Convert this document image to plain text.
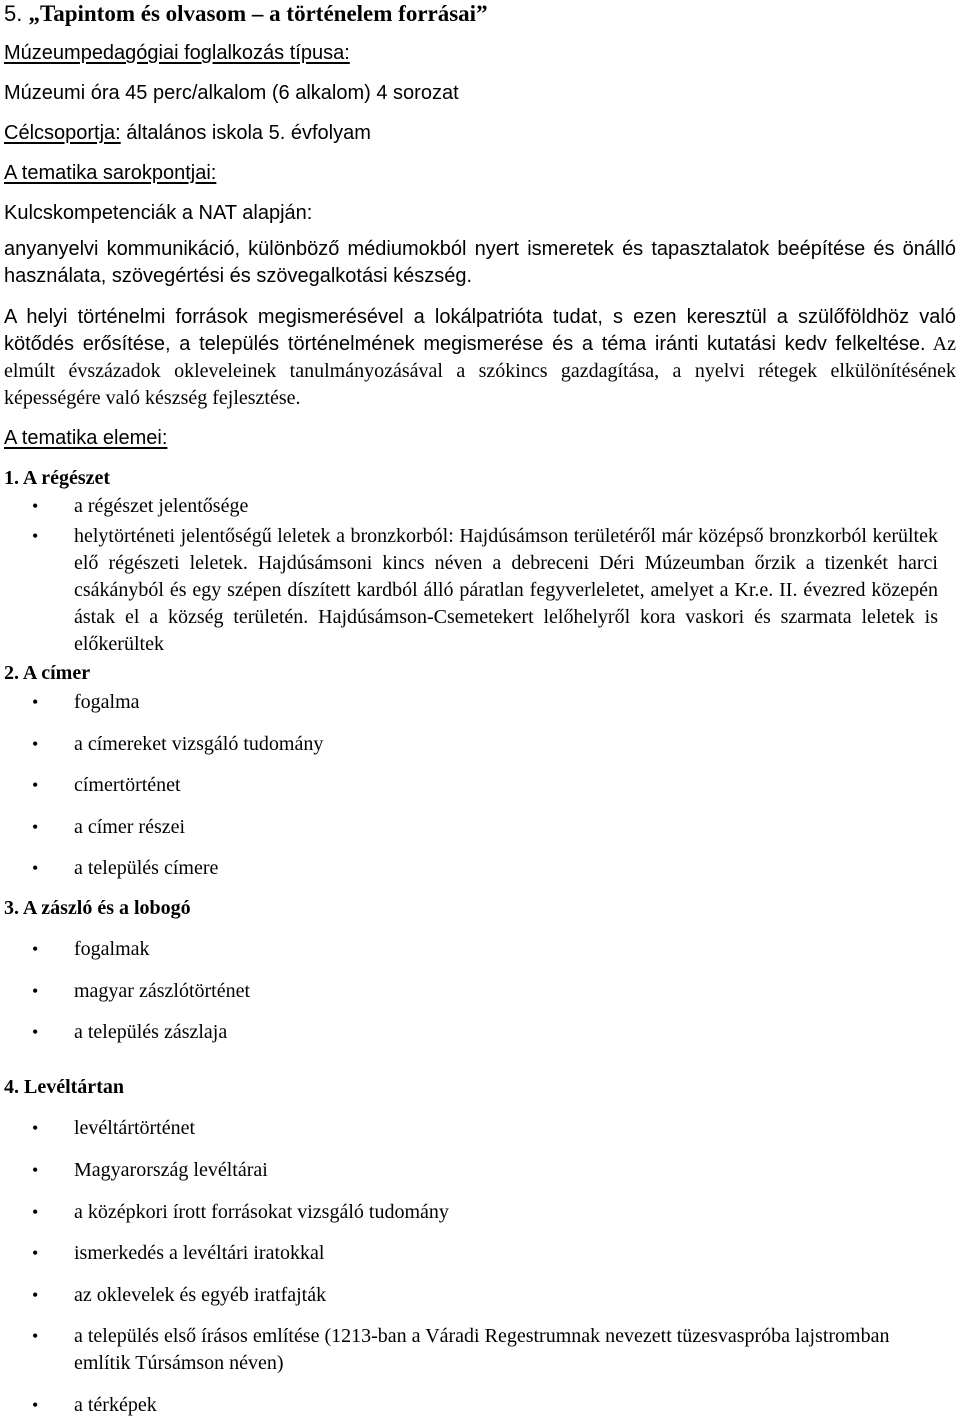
5. „Tapintom és olvasom – a történelem forrásai”
Múzeumpedagógiai foglalkozás típusa:
Múzeumi óra 45 perc/alkalom (6 alkalom) 4 sorozat
Célcsoportja: általános iskola 5. évfolyam
A tematika sarokpontjai:
Kulcskompetenciák a NAT alapján:
anyanyelvi kommunikáció, különböző médiumokból nyert ismeretek és tapasztalatok beépítése és önálló használata, szövegértési és szövegalkotási készség.
A helyi történelmi források megismerésével a lokálpatrióta tudat, s ezen keresztül a szülőföldhöz való kötődés erősítése, a település történelmének megismerése és a téma iránti kutatási kedv felkeltése. Az elmúlt évszázadok okleveleinek tanulmányozásával a szókincs gazdagítása, a nyelvi rétegek elkülönítésének képességére való készség fejlesztése.
A tematika elemei:
1. A régészet
• a régészet jelentősége
• helytörténeti jelentőségű leletek a bronzkorból: Hajdúsámson területéről már középső bronzkorból kerültek elő régészeti leletek. Hajdúsámsoni kincs néven a debreceni Déri Múzeumban őrzik a tizenkét harci csákányból és egy szépen díszített kardból álló páratlan fegyverleletet, amelyet a Kr.e. II. évezred közepén ástak el a község területén. Hajdúsámson-Csemetekert lelőhelyről kora vaskori és szarmata leletek is előkerültek
2. A címer
• fogalma
• a címereket vizsgáló tudomány
• címertörténet
• a címer részei
• a település címere
3. A zászló és a lobogó
• fogalmak
• magyar zászlótörténet
• a település zászlaja
4. Levéltártan
• levéltártörténet
• Magyarország levéltárai
• a középkori írott forrásokat vizsgáló tudomány
• ismerkedés a levéltári iratokkal
• az oklevelek és egyéb iratfajták
• a település első írásos említése (1213-ban a Váradi Regestrumnak nevezett tüzesvaspróba lajstromban említik Túrsámson néven)
• a térképek
